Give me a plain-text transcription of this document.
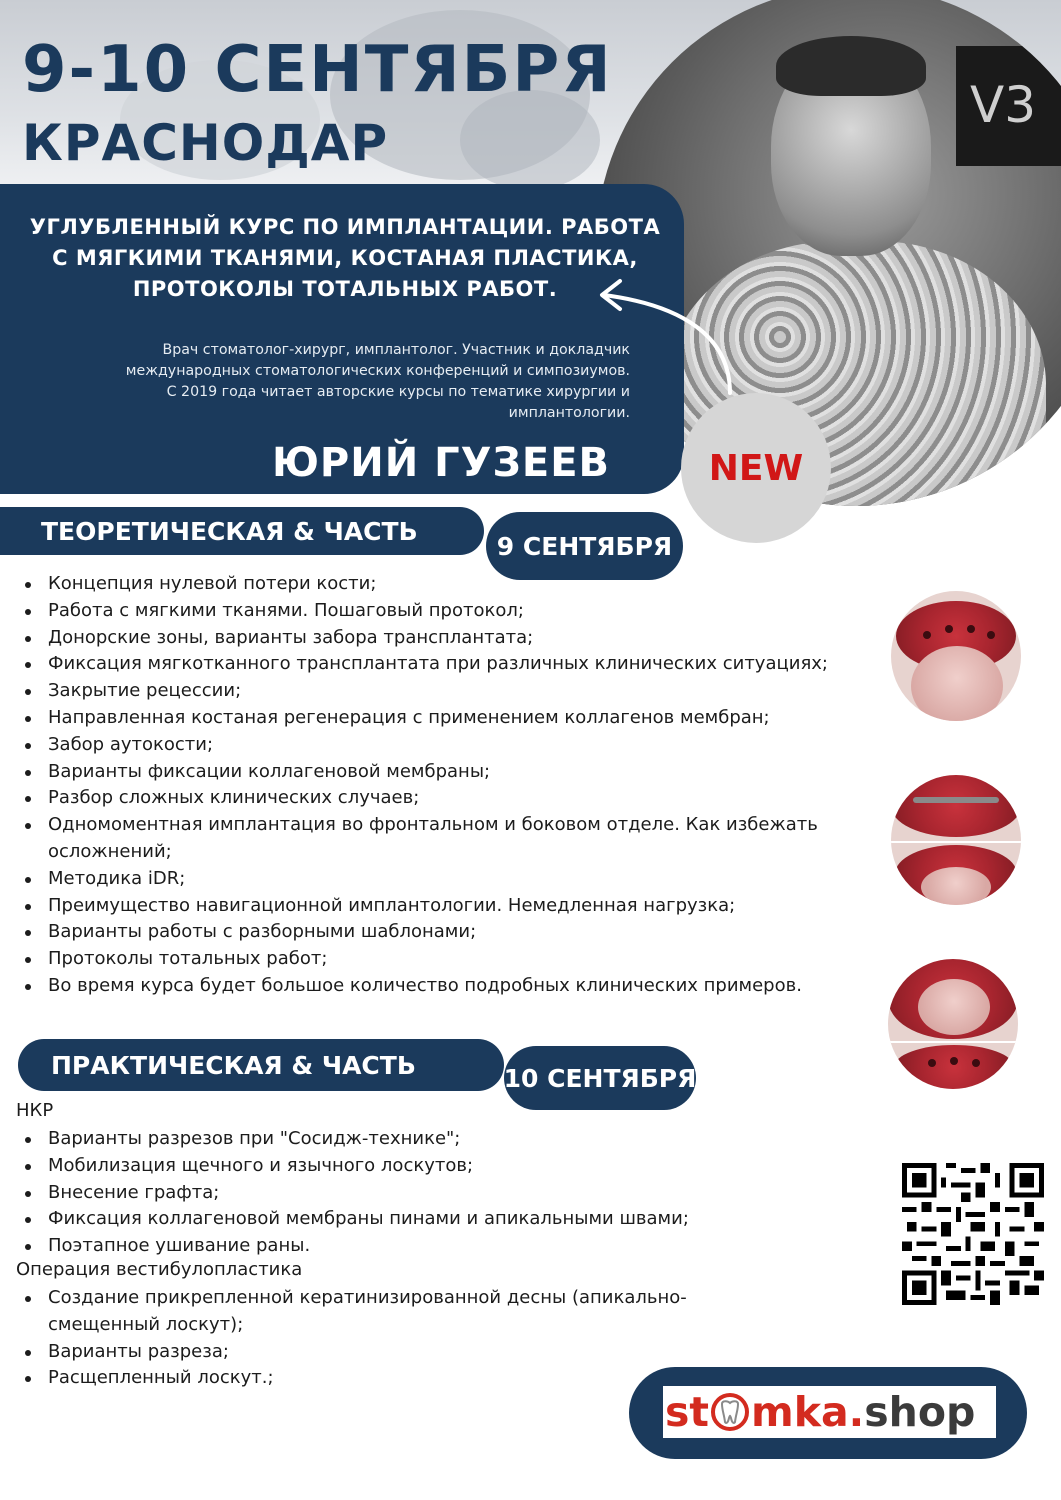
9-10 СЕНТЯБРЯ
КРАСНОДАР
V3
УГЛУБЛЕННЫЙ КУРС ПО ИМПЛАНТАЦИИ. РАБОТА С МЯГКИМИ ТКАНЯМИ, КОСТАНАЯ ПЛАСТИКА, ПРОТОКОЛЫ ТОТАЛЬНЫХ РАБОТ.
Врач стоматолог-хирург, имплантолог. Участник и докладчик
международных стоматологических конференций и симпозиумов.
С 2019 года читает авторские курсы по тематике хирургии и
имплантологии.
ЮРИЙ ГУЗЕЕВ	NEW
ТЕОРЕТИЧЕСКАЯ & ЧАСТЬ
9 СЕНТЯБРЯ
Концепция нулевой потери кости;
Работа с мягкими тканями. Пошаговый протокол;
Донорские зоны, варианты забора трансплантата;
Фиксация мягкотканного трансплантата при различных клинических ситуациях;
Закрытие рецессии;
Направленная костаная регенерация с применением коллагенов мембран;
Забор аутокости;
Варианты фиксации коллагеновой мембраны;
Разбор сложных клинических случаев;
Одномоментная имплантация во фронтальном и боковом отделе. Как избежать осложнений;
Методика iDR;
Преимущество навигационной имплантологии. Немедленная нагрузка;
Варианты работы с разборными шаблонами;
Протоколы тотальных работ;
Во время курса будет большое количество подробных клинических примеров.
ПРАКТИЧЕСКАЯ & ЧАСТЬ	10 СЕНТЯБРЯ
НКР
Варианты разрезов при "Сосидж-технике";
Мобилизация щечного и язычного лоскутов;
Внесение графта;
Фиксация коллагеновой мембраны пинами и апикальными швами;
Поэтапное ушивание раны.
Операция вестибулопластика
Создание прикрепленной кератинизированной десны (апикально-смещенный лоскут);
Варианты разреза;
Расщепленный лоскут.;
st mka. shop
